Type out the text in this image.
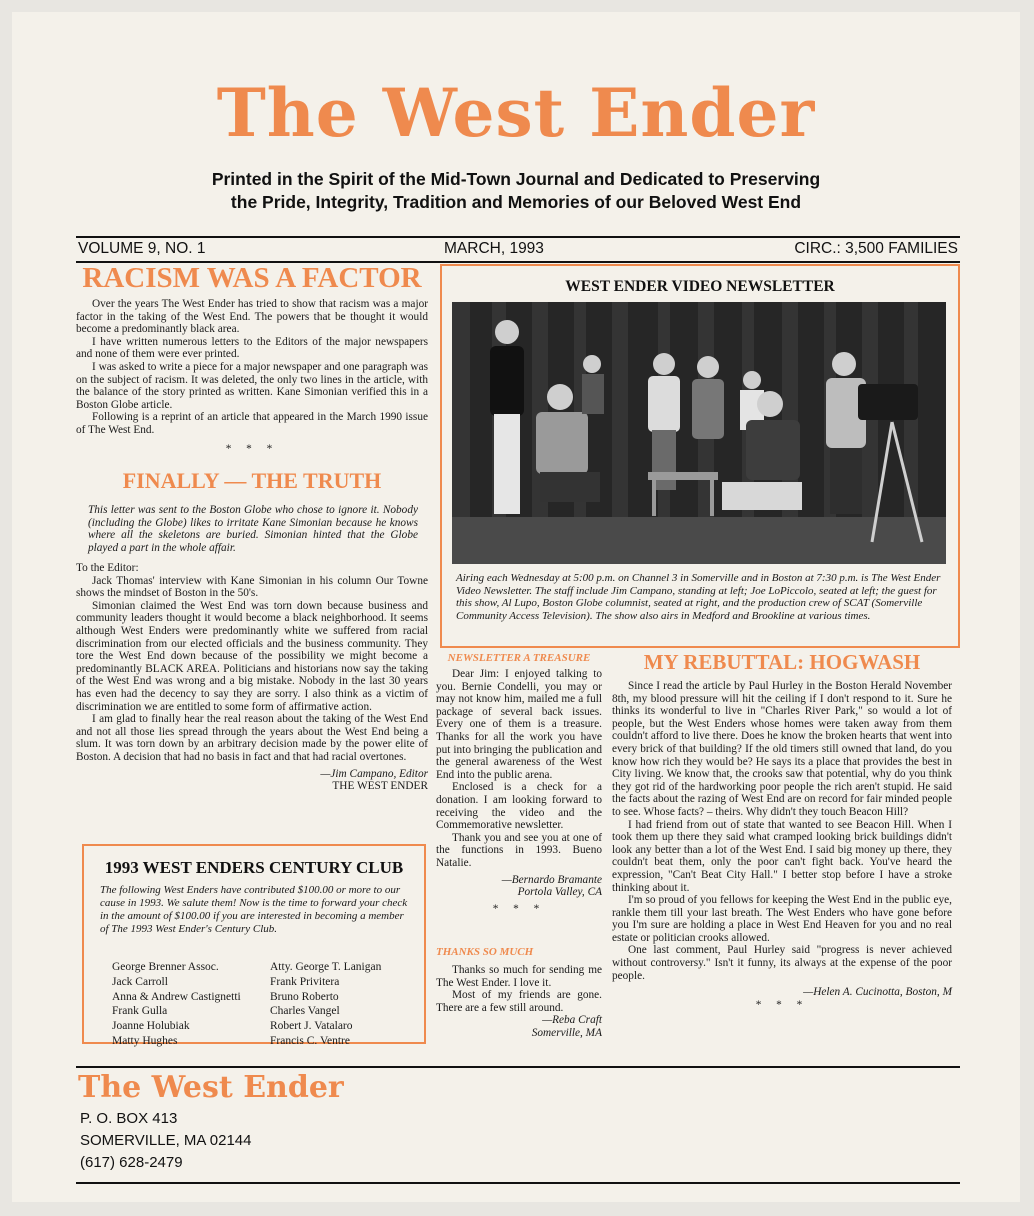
The West Ender
Printed in the Spirit of the Mid-Town Journal and Dedicated to Preserving
the Pride, Integrity, Tradition and Memories of our Beloved West End
VOLUME 9, NO. 1	MARCH, 1993	CIRC.: 3,500 FAMILIES
RACISM WAS A FACTOR

Over the years The West Ender has tried to show that racism was a major factor in the taking of the West End. The powers that be thought it would become a predominantly black area.

I have written numerous letters to the Editors of the major newspapers and none of them were ever printed.

I was asked to write a piece for a major newspaper and one paragraph was on the subject of racism. It was deleted, the only two lines in the article, with the balance of the story printed as written. Kane Simonian verified this in a Boston Globe article.

Following is a reprint of an article that appeared in the March 1990 issue of The West End.

* * *

FINALLY — THE TRUTH
This letter was sent to the Boston Globe who chose to ignore it. Nobody (including the Globe) likes to irritate Kane Simonian because he knows where all the skeletons are buried. Simonian hinted that the Globe played a part in the whole affair.

To the Editor:

Jack Thomas' interview with Kane Simonian in his column Our Towne shows the mindset of Boston in the 50's.

Simonian claimed the West End was torn down because business and community leaders thought it would become a black neighborhood. It seems although West Enders were predominantly white we suffered from racial discrimination from our elected officials and the business community. They tore the West End down because of the possibility we might become a predominantly BLACK AREA. Politicians and historians now say the taking of the West End was wrong and a big mistake. Nobody in the last 30 years has even had the decency to say they are sorry. I also think as a victim of discrimination we are entitled to some form of affirmative action.

I am glad to finally hear the real reason about the taking of the West End and not all those lies spread through the years about the West End being a slum. It was torn down by an arbitrary decision made by the power elite of Boston. A decision that had no basis in fact and that had racial overtones.

—Jim Campano, Editor

THE WEST ENDER

1993 WEST ENDERS CENTURY CLUB
The following West Enders have contributed $100.00 or more to our cause in 1993. We salute them! Now is the time to forward your check in the amount of $100.00 if you are interested in becoming a member of The 1993 West Ender's Century Club.
George Brenner Assoc.
Jack Carroll
Anna & Andrew Castignetti
Frank Gulla
Joanne Holubiak
Matty Hughes
Atty. George T. Lanigan
Frank Privitera
Bruno Roberto
Charles Vangel
Robert J. Vatalaro
Francis C. Ventre
WEST ENDER VIDEO NEWSLETTER
Airing each Wednesday at 5:00 p.m. on Channel 3 in Somerville and in Boston at 7:30 p.m. is The West Ender Video Newsletter. The staff include Jim Campano, standing at left; Joe LoPiccolo, seated at left; the guest for this show, Al Lupo, Boston Globe columnist, seated at right, and the production crew of SCAT (Somerville Community Access Television). The show also airs in Medford and Brookline at various times.
NEWSLETTER A TREASURE

Dear Jim: I enjoyed talking to you. Bernie Condelli, you may or may not know him, mailed me a full package of several back issues. Every one of them is a treasure. Thanks for all the work you have put into bringing the publication and the general awareness of the West End into the public arena.

Enclosed is a check for a donation. I am looking forward to receiving the video and the Commemorative newsletter.

Thank you and see you at one of the functions in 1993. Bueno Natalie.

—Bernardo Bramante

Portola Valley, CA

* * *

THANKS SO MUCH

Thanks so much for sending me The West Ender. I love it.

Most of my friends are gone. There are a few still around.

—Reba Craft

Somerville, MA

MY REBUTTAL: HOGWASH

Since I read the article by Paul Hurley in the Boston Herald November 8th, my blood pressure will hit the ceiling if I don't respond to it. Sure he thinks its wonderful to live in "Charles River Park," so would a lot of people, but the West Enders whose homes were taken away from them couldn't afford to live there. Does he know the broken hearts that went into every brick of that building? If the old timers still owned that land, do you know how rich they would be? He says its a place that provides the best in City living. We know that, the crooks saw that potential, why do you think they got rid of the hardworking poor people the rich aren't stupid. He said the facts about the razing of West End are on record for fair minded people to see. Whose facts? – theirs. Why didn't they touch Beacon Hill?

I had friend from out of state that wanted to see Beacon Hill. When I took them up there they said what cramped looking brick buildings didn't look any better than a lot of the West End. I said big money up there, they couldn't beat them, only the poor can't fight back. You've heard the expression, "Can't Beat City Hall." I better stop before I have a stroke thinking about it.

I'm so proud of you fellows for keeping the West End in the public eye, rankle them till your last breath. The West Enders who have gone before you I'm sure are holding a place in West End Heaven for you and no real estate or politician crooks allowed.

One last comment, Paul Hurley said "progress is never achieved without controversy." Isn't it funny, its always at the expense of the poor people.

—Helen A. Cucinotta, Boston, M

* * *

The West Ender
P. O. BOX 413
SOMERVILLE, MA 02144
(617) 628-2479
